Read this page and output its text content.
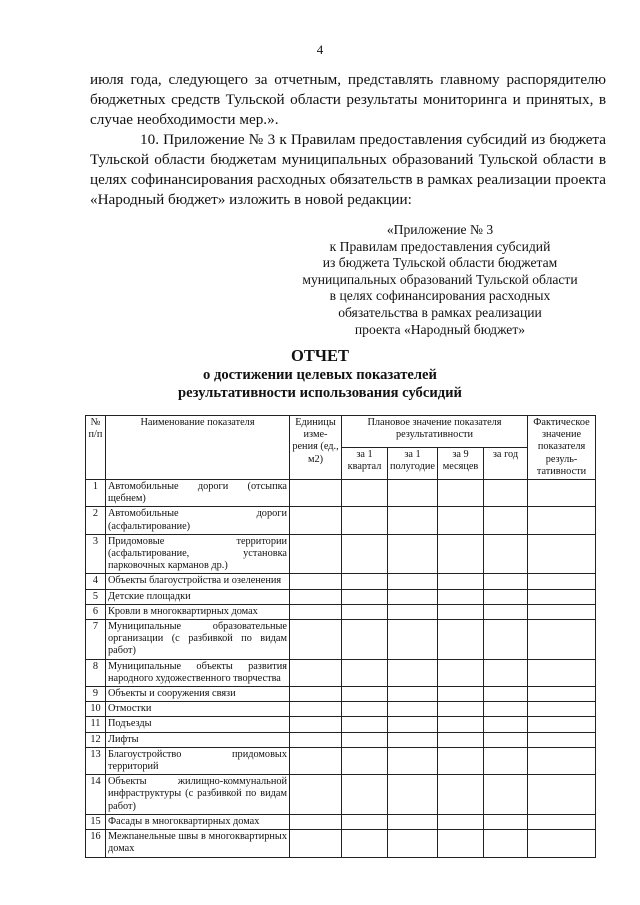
4

июля года, следующего за отчетным, представлять главному распорядителю бюджетных средств Тульской области результаты мониторинга и принятых, в случае необходимости мер.».

10. Приложение № 3 к Правилам предоставления субсидий из бюджета Тульской области бюджетам муниципальных образований Тульской области в целях софинансирования расходных обязательств в рамках реализации проекта «Народный бюджет» изложить в новой редакции:

«Приложение № 3
к Правилам предоставления субсидий
из бюджета Тульской области бюджетам
муниципальных образований Тульской области
в целях софинансирования расходных
обязательства в рамках реализации
проекта «Народный бюджет»
ОТЧЕТ
о достижении целевых показателей
результативности использования субсидий
№ п/п	Наименование показателя	Единицы изме-рения (ед., м2)	Плановое значение показателя результативности				Фактическое значение показателя резуль-тативности
			за 1 квартал	за 1 полугодие	за 9 месяцев	за год	
1	Автомобильные дороги (отсыпка щебнем)						
2	Автомобильные дороги (асфальтирование)						
3	Придомовые территории (асфальтирование, установка парковочных карманов др.)						
4	Объекты благоустройства и озеленения						
5	Детские площадки						
6	Кровли в многоквартирных домах						
7	Муниципальные образовательные организации (с разбивкой по видам работ)						
8	Муниципальные объекты развития народного художественного творчества						
9	Объекты и сооружения связи						
10	Отмостки						
11	Подъезды						
12	Лифты						
13	Благоустройство придомовых территорий						
14	Объекты жилищно-коммунальной инфраструктуры (с разбивкой по видам работ)						
15	Фасады в многоквартирных домах						
16	Межпанельные швы в многоквартирных домах						
